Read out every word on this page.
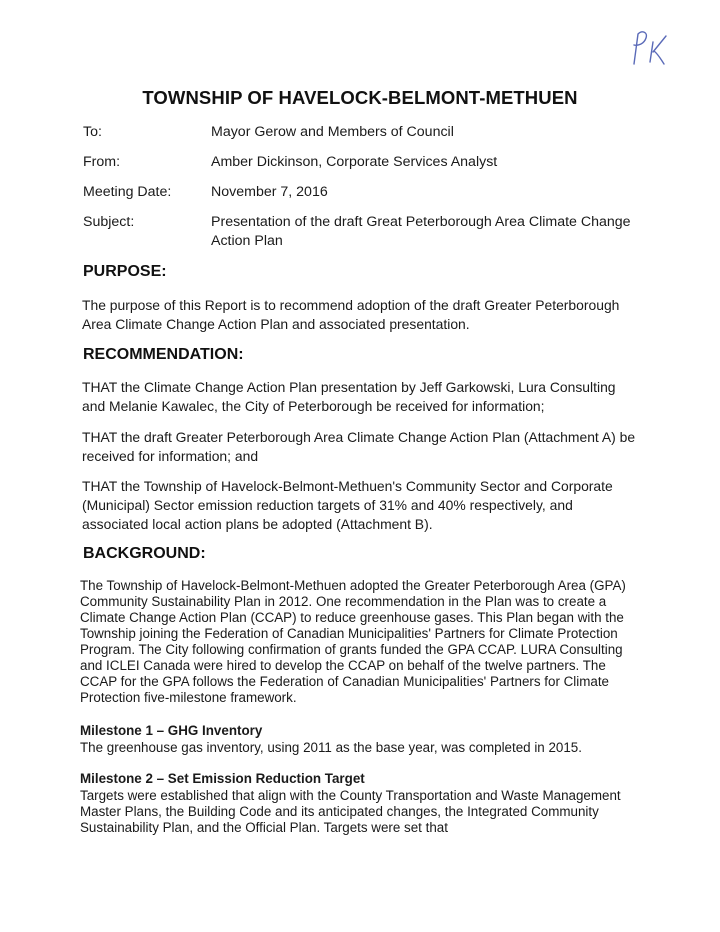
TOWNSHIP OF HAVELOCK-BELMONT-METHUEN
To:	Mayor Gerow and Members of Council
From:	Amber Dickinson, Corporate Services Analyst
Meeting Date:	November 7, 2016
Subject:	Presentation of the draft Great Peterborough Area Climate Change Action Plan
PURPOSE:
The purpose of this Report is to recommend adoption of the draft Greater Peterborough Area Climate Change Action Plan and associated presentation.
RECOMMENDATION:
THAT the Climate Change Action Plan presentation by Jeff Garkowski, Lura Consulting and Melanie Kawalec, the City of Peterborough be received for information;
THAT the draft Greater Peterborough Area Climate Change Action Plan (Attachment A) be received for information; and
THAT the Township of Havelock-Belmont-Methuen's Community Sector and Corporate (Municipal) Sector emission reduction targets of 31% and 40% respectively, and associated local action plans be adopted (Attachment B).
BACKGROUND:
The Township of Havelock-Belmont-Methuen adopted the Greater Peterborough Area (GPA) Community Sustainability Plan in 2012. One recommendation in the Plan was to create a Climate Change Action Plan (CCAP) to reduce greenhouse gases. This Plan began with the Township joining the Federation of Canadian Municipalities' Partners for Climate Protection Program. The City following confirmation of grants funded the GPA CCAP. LURA Consulting and ICLEI Canada were hired to develop the CCAP on behalf of the twelve partners. The CCAP for the GPA follows the Federation of Canadian Municipalities' Partners for Climate Protection five-milestone framework.
Milestone 1 – GHG Inventory
The greenhouse gas inventory, using 2011 as the base year, was completed in 2015.
Milestone 2 – Set Emission Reduction Target
Targets were established that align with the County Transportation and Waste Management Master Plans, the Building Code and its anticipated changes, the Integrated Community Sustainability Plan, and the Official Plan. Targets were set that
